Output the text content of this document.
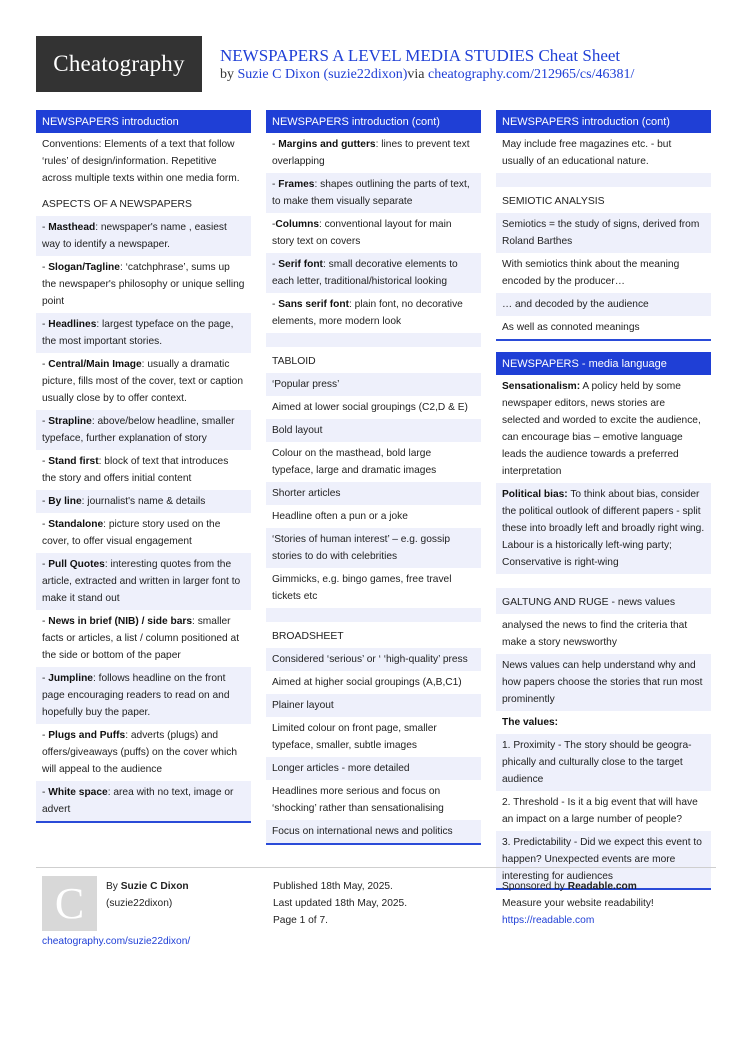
Cheatography	NEWSPAPERS A LEVEL MEDIA STUDIES Cheat Sheet
by Suzie C Dixon (suzie22dixon)via cheatography.com/212965/cs/46381/
NEWSPAPERS introduction
Conventions: Elements of a text that follow ‘rules’ of design/information. Repetitive across multiple texts within one media form.
ASPECTS OF A NEWSPAPERS
- Masthead: newspaper's name , easiest way to identify a newspaper.
- Slogan/Tagline: ‘catchphrase’, sums up the newspaper's philosophy or unique selling point
- Headlines: largest typeface on the page, the most important stories.
- Central/Main Image: usually a dramatic picture, fills most of the cover, text or caption usually close by to offer context.
- Strapline: above/below headline, smaller typeface, further explanation of story
- Stand first: block of text that introduces the story and offers initial content
- By line: journalist's name & details
- Standalone: picture story used on the cover, to offer visual engagement
- Pull Quotes: interesting quotes from the article, extracted and written in larger font to make it stand out
- News in brief (NIB) / side bars: smaller facts or articles, a list / column positioned at the side or bottom of the paper
- Jumpline: follows headline on the front page encouraging readers to read on and hopefully buy the paper.
- Plugs and Puffs: adverts (plugs) and offers/giveaways (puffs) on the cover which will appeal to the audience
- White space: area with no text, image or advert
NEWSPAPERS introduction (cont)
- Margins and gutters: lines to prevent text overlapping
- Frames: shapes outlining the parts of text, to make them visually separate
-Columns: conventional layout for main story text on covers
- Serif font: small decorative elements to each letter, traditional/historical looking
- Sans serif font: plain font, no decorative elements, more modern look
TABLOID
‘Popular press’
Aimed at lower social groupings (C2,D & E)
Bold layout
Colour on the masthead, bold large typeface, large and dramatic images
Shorter articles
Headline often a pun or a joke
‘Stories of human interest’ – e.g. gossip stories to do with celebrities
Gimmicks, e.g. bingo games, free travel tickets etc
BROADSHEET
Considered ‘serious’ or ‘ ‘high-quality’ press
Aimed at higher social groupings (A,B,C1)
Plainer layout
Limited colour on front page, smaller typeface, smaller, subtle images
Longer articles - more detailed
Headlines more serious and focus on ‘shocking’ rather than sensationalising
Focus on international news and politics
NEWSPAPERS introduction (cont)
May include free magazines etc. - but usually of an educational nature.
SEMIOTIC ANALYSIS
Semiotics = the study of signs, derived from Roland Barthes
With semiotics think about the meaning encoded by the producer…
… and decoded by the audience
As well as connoted meanings
NEWSPAPERS - media language
Sensationalism: A policy held by some newspaper editors, news stories are selected and worded to excite the audience, can encourage bias – emotive language leads the audience towards a preferred interpretation
Political bias: To think about bias, consider the political outlook of different papers - split these into broadly left and broadly right wing. Labour is a historically left-wing party; Conservative is right-wing
GALTUNG AND RUGE - news values
analysed the news to find the criteria that make a story newsworthy
News values can help understand why and how papers choose the stories that run most prominently
The values:
1. Proximity - The story should be geographically and culturally close to the target audience
2. Threshold - Is it a big event that will have an impact on a large number of people?
3. Predictability - Did we expect this event to happen? Unexpected events are more interesting for audiences
C	By Suzie C Dixon
(suzie22dixon)
cheatography.com/suzie22dixon/
Published 18th May, 2025.
Last updated 18th May, 2025.
Page 1 of 7.
Sponsored by Readable.com
Measure your website readability!
https://readable.com
